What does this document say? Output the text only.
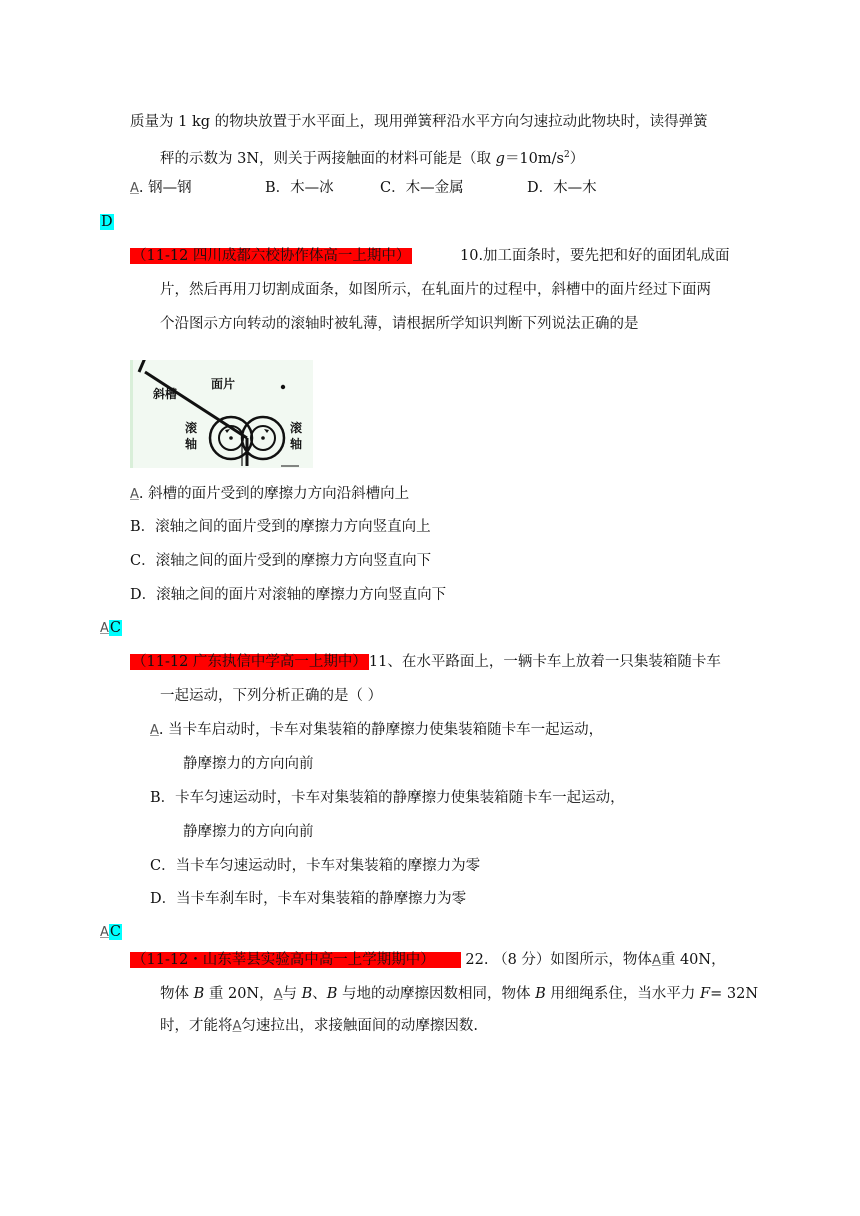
质量为 1 kg 的物块放置于水平面上，现用弹簧秤沿水平方向匀速拉动此物块时，读得弹簧
秤的示数为 3N，则关于两接触面的材料可能是（取 $g=10m/s^2$）
A. 钢—钢	B．木—冰	C．木—金属	D．木—木
D
（11-12 四川成都六校协作体高一上期中）	10.加工面条时，要先把和好的面团轧成面
片，然后再用刀切割成面条，如图所示，在轧面片的过程中，斜槽中的面片经过下面两
个沿图示方向转动的滚轴时被轧薄，请根据所学知识判断下列说法正确的是
斜槽
面片
滚
轴
滚
轴
A. 斜槽的面片受到的摩擦力方向沿斜槽向上
B．滚轴之间的面片受到的摩擦力方向竖直向上
C．滚轴之间的面片受到的摩擦力方向竖直向下
D．滚轴之间的面片对滚轴的摩擦力方向竖直向下
AC
（11-12 广东执信中学高一上期中） 11、在水平路面上，一辆卡车上放着一只集装箱随卡车
一起运动，下列分析正确的是（ ）
A. 当卡车启动时，卡车对集装箱的静摩擦力使集装箱随卡车一起运动，
静摩擦力的方向向前
B．卡车匀速运动时，卡车对集装箱的静摩擦力使集装箱随卡车一起运动，
静摩擦力的方向向前
C．当卡车匀速运动时，卡车对集装箱的摩擦力为零
D．当卡车刹车时，卡车对集装箱的静摩擦力为零
AC
（11-12・山东莘县实验高中高一上学期期中） 22. （8 分）如图所示，物体A重 40N，
物体 B 重 20N，A与 B、B 与地的动摩擦因数相同，物体 B 用细绳系住，当水平力 F= 32N
时，才能将A匀速拉出，求接触面间的动摩擦因数.
